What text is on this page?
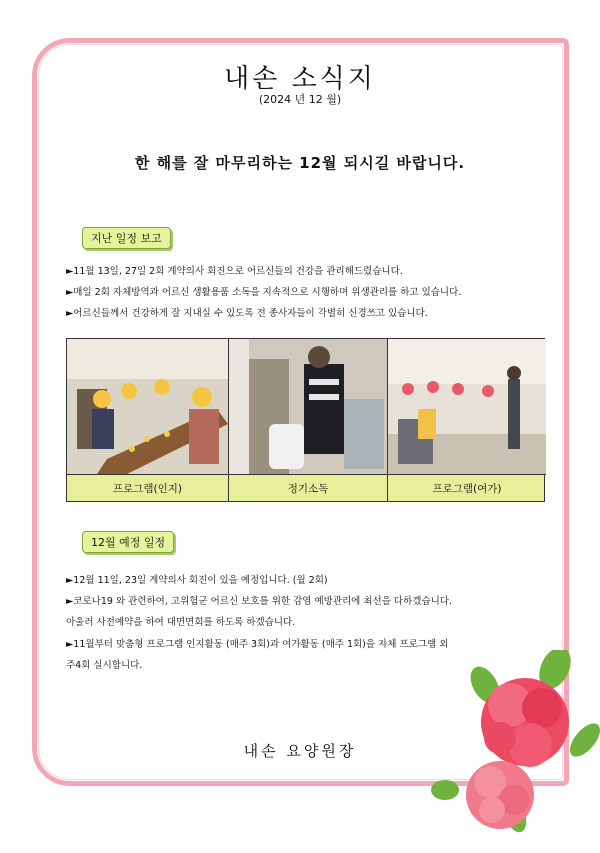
내손 소식지
(2024 년 12 월)
한 해를 잘 마무리하는 12월 되시길 바랍니다.
지난 일정 보고
►11월 13일, 27일 2회 계약의사 회진으로 어르신들의 건강을 관리해드렸습니다.
►매일 2회 자체방역과 어르신 생활용품 소독을 지속적으로 시행하며 위생관리를 하고 있습니다.
►어르신들께서 건강하게 잘 지내실 수 있도록 전 종사자들이 각별히 신경쓰고 있습니다.
프로그램(인지)	정기소독	프로그램(여가)
12월 예정 일정
►12월 11일, 23일 계약의사 회진이 있을 예정입니다. (월 2회)
►코로나19 와 관련하여, 고위험군 어르신 보호를 위한 감염 예방관리에 최선을 다하겠습니다.
아울러 사전예약을 하여 대면면회를 하도록 하겠습니다.
►11월부터 맞춤형 프로그램 인지활동 (매주 3회)과 여가활동 (매주 1회)을 자체 프로그램 외
주4회 실시합니다.
내손 요양원장
